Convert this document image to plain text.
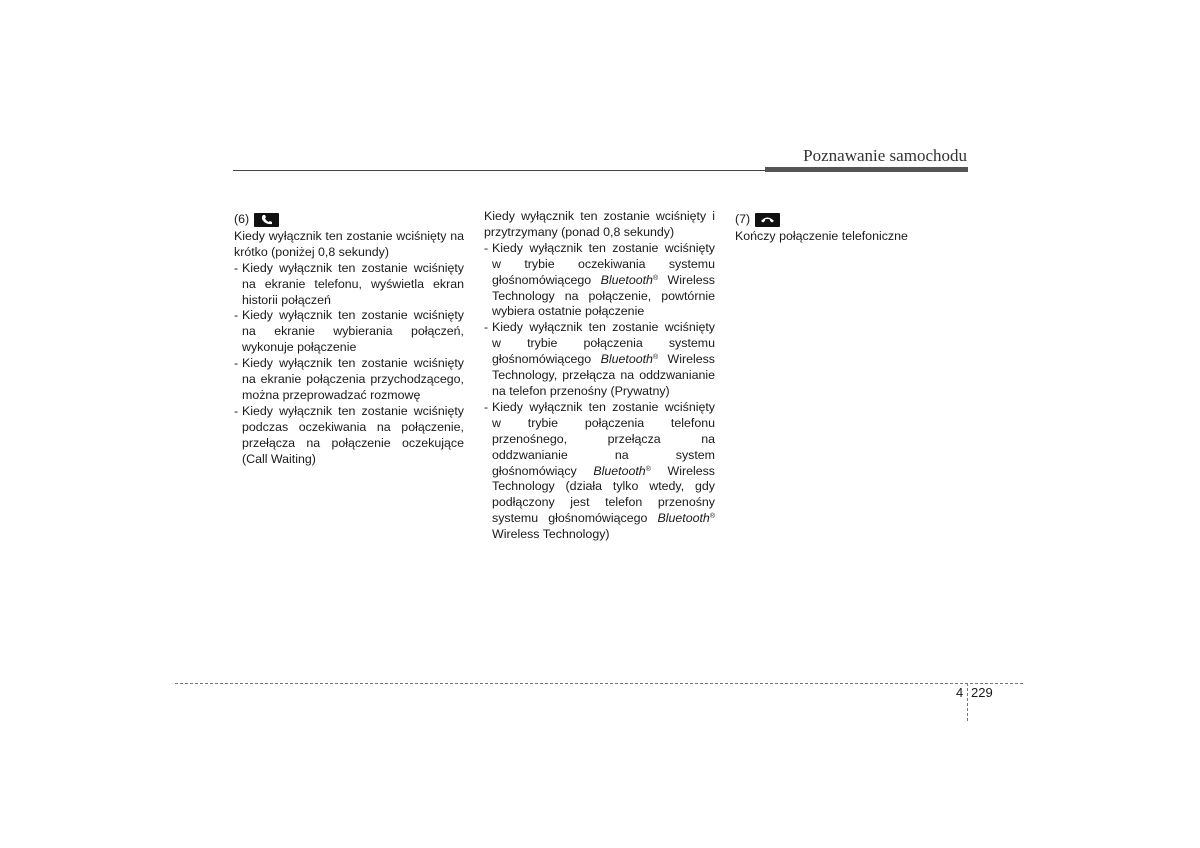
Poznawanie samochodu
(6)
Kiedy wyłącznik ten zostanie wciśnięty na krótko (poniżej 0,8 sekundy)
- Kiedy wyłącznik ten zostanie wciśnięty na ekranie telefonu, wyświetla ekran historii połączeń
- Kiedy wyłącznik ten zostanie wciśnięty na ekranie wybierania połączeń, wykonuje połączenie
- Kiedy wyłącznik ten zostanie wciśnięty na ekranie połączenia przychodzącego, można przeprowadzać rozmowę
- Kiedy wyłącznik ten zostanie wciśnięty podczas oczekiwania na połączenie, przełącza na połączenie oczekujące (Call Waiting)
Kiedy wyłącznik ten zostanie wciśnięty i przytrzymany (ponad 0,8 sekundy)
- Kiedy wyłącznik ten zostanie wciśnięty w trybie oczekiwania systemu głośnomówiącego Bluetooth® Wireless Technology na połączenie, powtórnie wybiera ostatnie połączenie
- Kiedy wyłącznik ten zostanie wciśnięty w trybie połączenia systemu głośnomówiącego Bluetooth® Wireless Technology, przełącza na oddzwanianie na telefon przenośny (Prywatny)
- Kiedy wyłącznik ten zostanie wciśnięty w trybie połączenia telefonu przenośnego, przełącza na oddzwanianie na system głośnomówiący Bluetooth® Wireless Technology (działa tylko wtedy, gdy podłączony jest telefon przenośny systemu głośnomówiącego Bluetooth® Wireless Technology)
(7)
Kończy połączenie telefoniczne
4 229
